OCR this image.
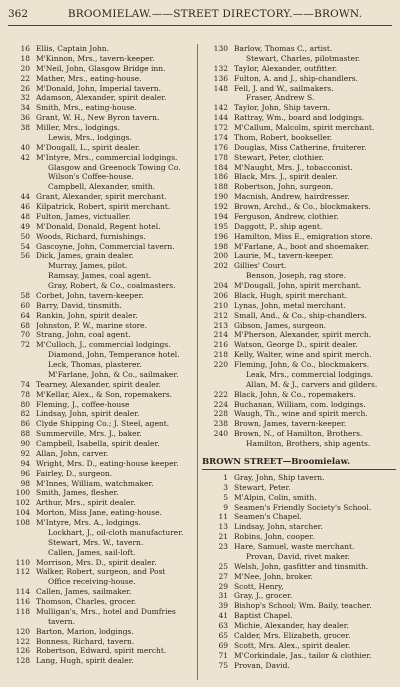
362	BROOMIELAW.——STREET DIRECTORY.——BROWN.
16 Ellis, Captain John.
18 M'Kinnon, Mrs., tavern-keeper.
20 M'Neil, John, Glasgow Bridge inn.
22 Mather, Mrs., eating-house.
26 M'Donald, John, Imperial tavern.
32 Adamson, Alexander, spirit dealer.
34 Smith, Mrs., eating-house.
36 Grant, W. H., New Byron tavern.
38 Miller, Mrs., lodgings.
Lewis, Mrs., lodgings.
40 M'Dougall, L., spirit dealer.
42 M'Intyre, Mrs., commercial lodgings.
Glasgow and Greenock Towing Co.
Wilson's Coffee-house.
Campbell, Alexander, smith.
44 Grant, Alexander, spirit merchant.
46 Kilpatrick, Robert, spirit merchant.
48 Fulton, James, victualler.
49 M'Donald, Donald, Regent hotel.
50 Woods, Richard, furnishings.
54 Gascoyne, John, Commercial tavern.
56 Dick, James, grain dealer.
Murray, James, pilot.
Ramsay, James, coal agent.
Gray, Robert, & Co., coalmasters.
58 Corbet, John, tavern-keeper.
60 Barry, David, tinsmith.
64 Rankin, John, spirit dealer.
68 Johnston, P. W., marine store.
70 Strang, John, coal agent.
72 M'Culloch, J., commercial lodgings.
Diamond, John, Temperance hotel.
Leck, Thomas, plasterer.
M'Farlane, John, & Co., sailmaker.
74 Tearney, Alexander, spirit dealer.
78 M'Kellar, Alex., & Son, ropemakers.
80 Fleming, J., coffee-house
82 Lindsay, John, spirit dealer.
86 Clyde Shipping Co.; J. Steel, agent.
88 Summerville, Mrs. J., baker.
90 Campbell, Isabella, spirit dealer.
92 Allan, John, carver.
94 Wright, Mrs. D., eating-house keeper.
96 Fairley, D., surgeon.
98 M'Innes, William, watchmaker.
100 Smith, James, flesher.
102 Arthur, Mrs., spirit dealer.
104 Morton, Miss Jane, eating-house.
108 M'Intyre, Mrs. A., lodgings.
Lockhart, J., oil-cloth manufacturer.
Stewart, Mrs. W., tavern.
Callen, James, sail-loft.
110 Morrison, Mrs. D., spirit dealer.
112 Walker, Robert, surgeon, and Post
Office receiving-house.
114 Callen, James, sailmaker.
116 Thomson, Charles, grocer.
118 Mulligan's, Mrs., hotel and Dumfries
tavern.
120 Barton, Marion, lodgings.
122 Bonness, Richard, tavern.
126 Robertson, Edward, spirit mercht.
128 Lang, Hugh, spirit dealer.
130 Barlow, Thomas C., artist.
Stewart, Charles, pilotmaster.
132 Taylor, Alexander, outfitter.
136 Fulton, A. and J., ship-chandlers.
148 Fell, J. and W., sailmakers.
Fraser, Andrew S.
142 Taylor, John, Ship tavern.
144 Rattray, Wm., board and lodgings.
172 M'Callum, Malcolm, spirit merchant.
174 Thom, Robert, bookseller.
176 Douglas, Miss Catherine, fruiterer.
178 Stewart, Peter, clothier.
184 M'Naught, Mrs. J., tobacconist.
186 Black, Mrs. J., spirit dealer.
188 Robertson, John, surgeon.
190 Macnish, Andrew, hairdresser.
192 Brown, Archd., & Co., blockmakers.
194 Ferguson, Andrew, clothier.
195 Daggott, P., ship agent.
196 Hamilton, Miss E., emigration store.
198 M'Farlane, A., boot and shoemaker.
200 Laurie, M., tavern-keeper.
202 Gillies' Court.
Benson, Joseph, rag store.
204 M'Dougall, John, spirit merchant.
206 Black, Hugh, spirit merchant.
210 Lynas, John, metal merchant.
212 Small, And., & Co., ship-chandlers.
213 Gibson, James, surgeon.
214 M'Pherson, Alexander, spirit merch.
216 Watson, George D., spirit dealer.
218 Kelly, Walter, wine and spirit merch.
220 Fleming, John, & Co., blockmakers.
Leak, Mrs., commercial lodgings.
Allan, M. & J., carvers and gilders.
222 Black, John, & Co., ropemakers.
224 Buchanan, William, com. lodgings.
228 Waugh, Th., wine and spirit merch.
238 Brown, James, tavern-keeper.
240 Brown, N., of Hamilton, Brothers.
Hamilton, Brothers, ship agents.
BROWN STREET—Broomielaw.
1 Gray, John, Ship tavern.
3 Stewart, Peter.
5 M'Alpin, Colin, smith.
9 Seamen's Friendly Society's School.
11 Seamen's Chapel.
13 Lindsay, John, starcher.
21 Robins, John, cooper.
23 Hare, Samuel, waste merchant.
Provan, David, rivet maker.
25 Welsh, John, gasfitter and tinsmith.
27 M'Nee, John, broker.
29 Scott, Henry,
31 Gray, J., grocer.
39 Bishop's School; Wm. Baily, teacher.
41 Baptist Chapel.
63 Michie, Alexander, hay dealer.
65 Calder, Mrs. Elizabeth, grocer.
69 Scott, Mrs. Alex., spirit dealer.
71 M'Corkindale, Jas., tailor & clothier.
75 Provan, David.
